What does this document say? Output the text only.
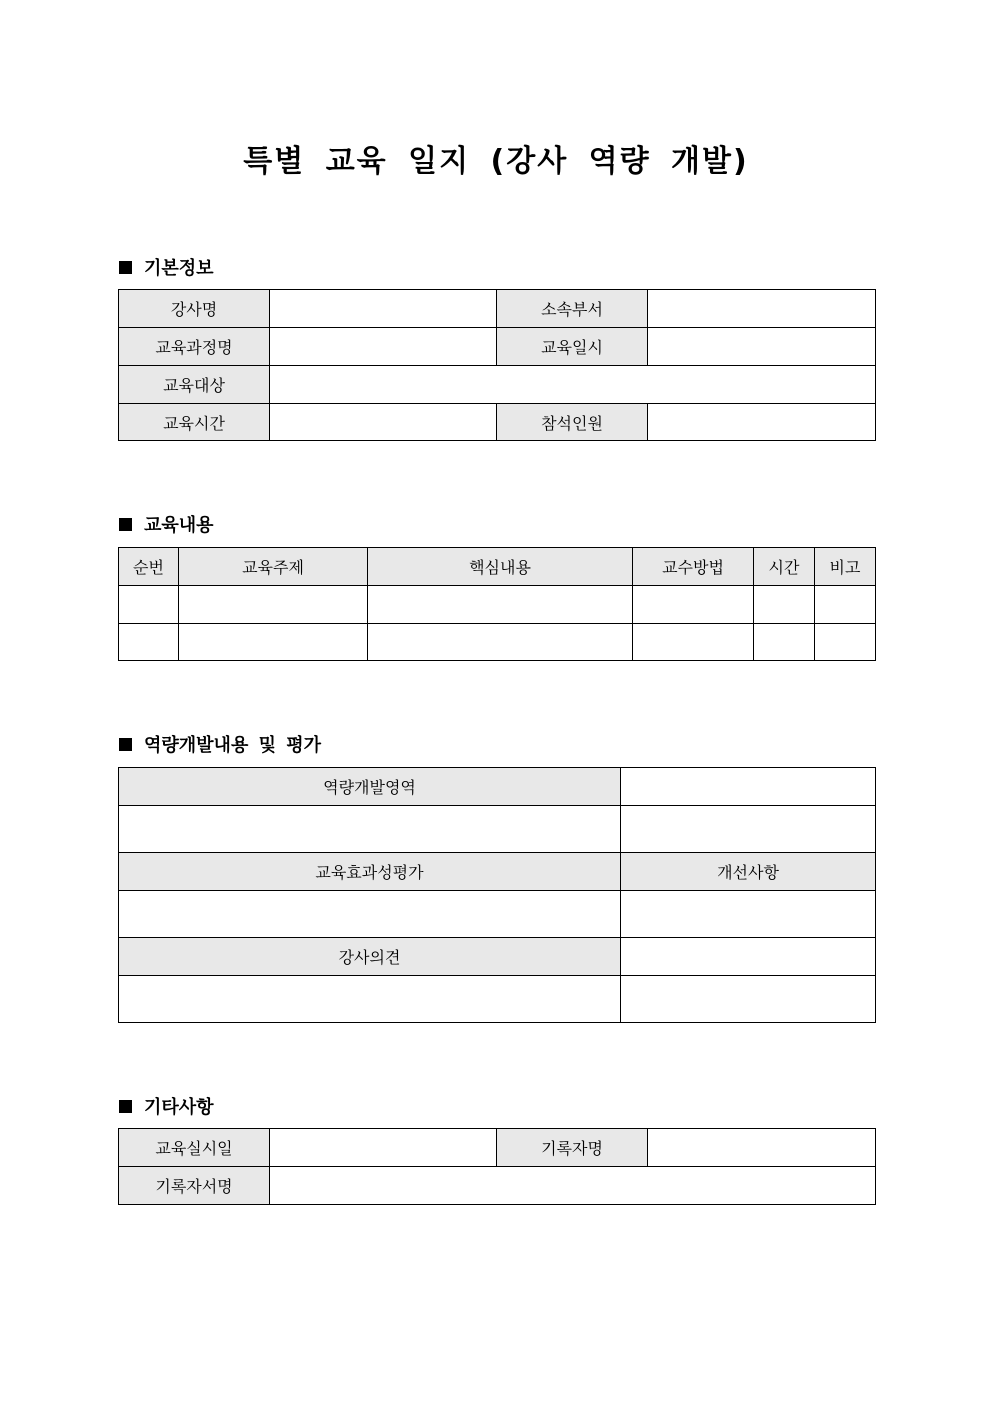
특별 교육 일지 (강사 역량 개발)
기본정보
강사명		소속부서	
교육과정명		교육일시	
교육대상			
교육시간		참석인원	
교육내용
순번	교육주제	핵심내용	교수방법	시간	비고

역량개발내용 및 평가
역량개발영역	

교육효과성평가	개선사항

강사의견	

기타사항
교육실시일		기록자명	
기록자서명			
